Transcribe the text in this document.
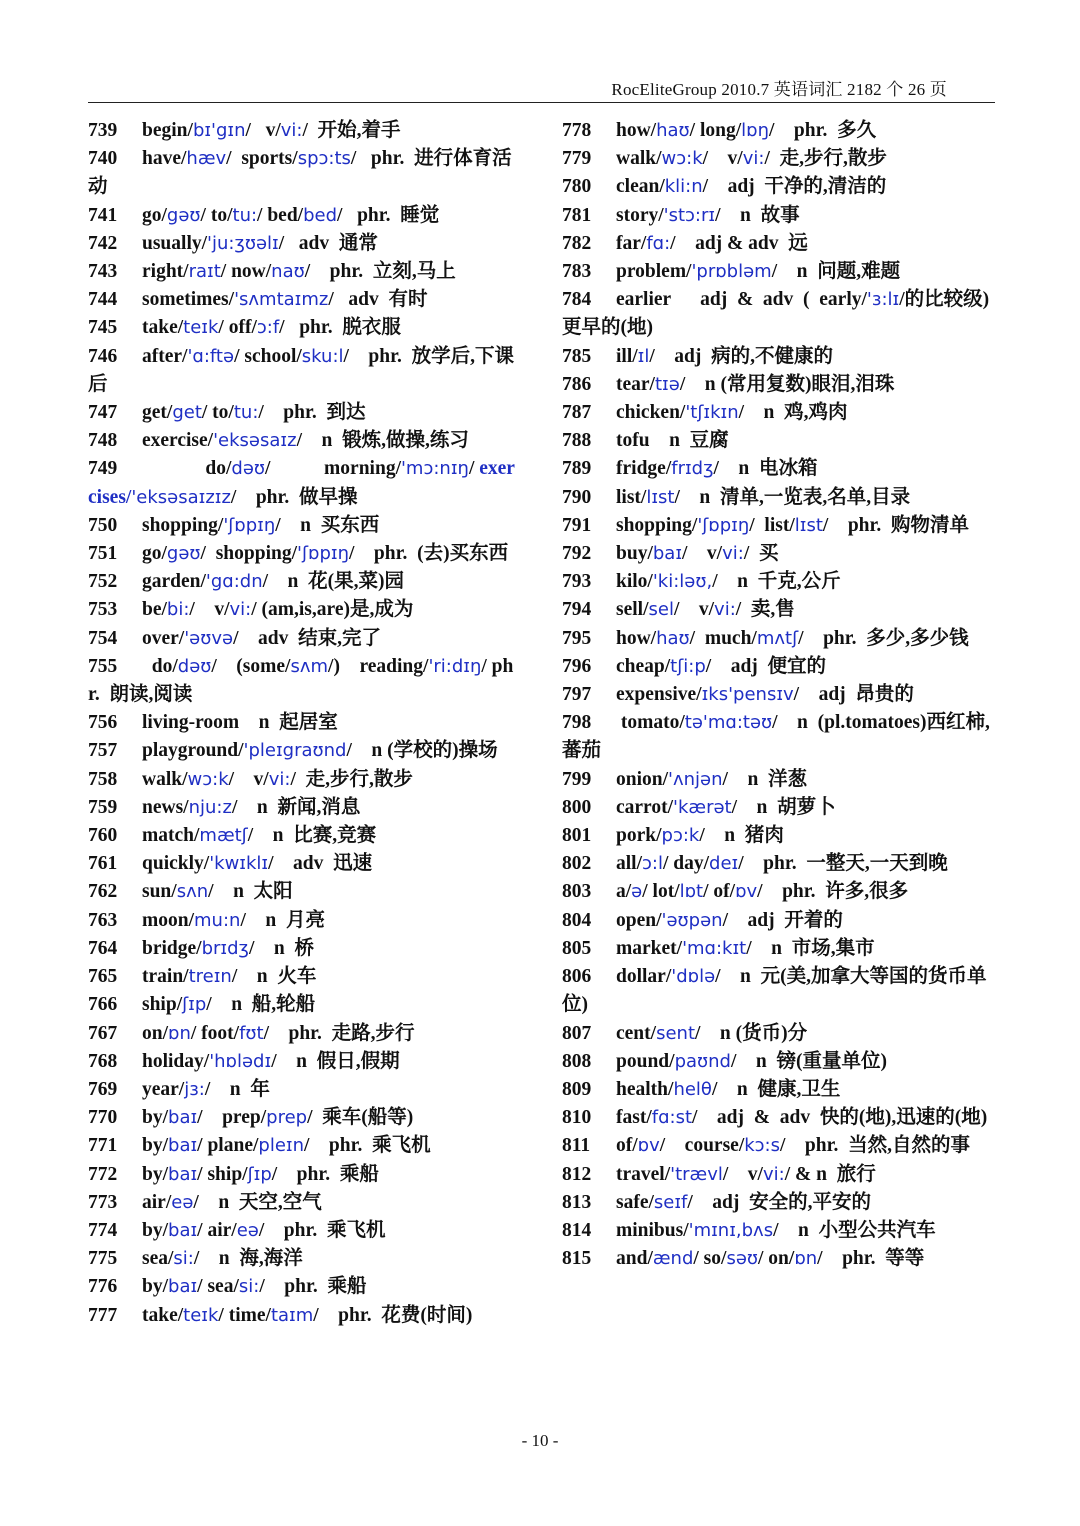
RocEliteGroup 2010.7 英语词汇 2182 个 26 页
739 begin/bɪ'gɪn/   v/vi:/  开始,着手
740 have/hæv/  sports/spɔ:ts/   phr.  进行体育活动
741 go/gəʊ/ to/tu:/ bed/bed/   phr.  睡觉
742 usually/'ju:ʒʊəlɪ/   adv  通常
743 right/raɪt/ now/naʊ/    phr.  立刻,马上
744 sometimes/'sʌmtaɪmz/   adv  有时
745 take/teɪk/ off/ɔ:f/   phr.  脱衣服
746 after/'ɑ:ftə/ school/sku:l/    phr.  放学后,下课后
747 get/get/ to/tu:/    phr.  到达
748 exercise/'eksəsaɪz/    n  锻炼,做操,练习
749             do/dəʊ/           morning/'mɔ:nɪŋ/ exercises/'eksəsaɪzɪz/    phr.  做早操
750 shopping/'ʃɒpɪŋ/    n  买东西
751 go/gəʊ/  shopping/'ʃɒpɪŋ/    phr.  (去)买东西
752 garden/'gɑ:dn/    n  花(果,菜)园
753 be/bi:/    v/vi:/ (am,is,are)是,成为
754 over/'əʊvə/    adv  结束,完了
755  do/dəʊ/    (some/sʌm/)    reading/'ri:dɪŋ/ phr.  朗读,阅读
756 living-room    n  起居室
757 playground/'pleɪgraʊnd/    n (学校的)操场
758 walk/wɔ:k/    v/vi:/  走,步行,散步
759 news/nju:z/    n  新闻,消息
760 match/mætʃ/    n  比赛,竞赛
761 quickly/'kwɪklɪ/    adv  迅速
762 sun/sʌn/    n  太阳
763 moon/mu:n/    n  月亮
764 bridge/brɪdʒ/    n  桥
765 train/treɪn/    n  火车
766 ship/ʃɪp/    n  船,轮船
767 on/ɒn/ foot/fʊt/    phr.  走路,步行
768 holiday/'hɒlədɪ/    n  假日,假期
769 year/jɜ:/    n  年
770 by/baɪ/    prep/prep/  乘车(船等)
771 by/baɪ/ plane/pleɪn/    phr.  乘飞机
772 by/baɪ/ ship/ʃɪp/    phr.  乘船
773 air/eə/    n  天空,空气
774 by/baɪ/ air/eə/    phr.  乘飞机
775 sea/si:/    n  海,海洋
776 by/baɪ/ sea/si:/    phr.  乘船
777 take/teɪk/ time/taɪm/    phr.  花费(时间)
778 how/haʊ/ long/lɒŋ/    phr.  多久
779 walk/wɔ:k/    v/vi:/  走,步行,散步
780 clean/kli:n/    adj  干净的,清洁的
781 story/'stɔ:rɪ/    n  故事
782 far/fɑ:/    adj & adv  远
783 problem/'prɒbləm/    n  问题,难题
784 earlier      adj  &  adv  (  early/'ɜ:lɪ/的比较级)更早的(地)
785 ill/ɪl/    adj  病的,不健康的
786 tear/tɪə/    n (常用复数)眼泪,泪珠
787 chicken/'tʃɪkɪn/    n  鸡,鸡肉
788 tofu    n  豆腐
789 fridge/frɪdʒ/    n  电冰箱
790 list/lɪst/    n  清单,一览表,名单,目录
791 shopping/'ʃɒpɪŋ/  list/lɪst/    phr.  购物清单
792 buy/baɪ/    v/vi:/  买
793 kilo/'ki:ləʊ,/    n  千克,公斤
794 sell/sel/    v/vi:/  卖,售
795 how/haʊ/  much/mʌtʃ/    phr.  多少,多少钱
796 cheap/tʃi:p/    adj  便宜的
797 expensive/ɪks'pensɪv/    adj  昂贵的
798 tomato/tə'mɑ:təʊ/    n  (pl.tomatoes)西红柿,蕃茄
799 onion/'ʌnjən/    n  洋葱
800 carrot/'kærət/    n  胡萝卜
801 pork/pɔ:k/    n  猪肉
802 all/ɔ:l/ day/deɪ/    phr.  一整天,一天到晚
803 a/ə/ lot/lɒt/ of/ɒv/    phr.  许多,很多
804 open/'əʊpən/    adj  开着的
805 market/'mɑ:kɪt/    n  市场,集市
806 dollar/'dɒlə/    n  元(美,加拿大等国的货币单位)
807 cent/sent/    n (货币)分
808 pound/paʊnd/    n  镑(重量单位)
809 health/helθ/    n  健康,卫生
810 fast/fɑ:st/    adj  &  adv  快的(地),迅速的(地)
811 of/ɒv/    course/kɔ:s/    phr.  当然,自然的事
812 travel/'trævl/    v/vi:/ & n  旅行
813 safe/seɪf/    adj  安全的,平安的
814 minibus/'mɪnɪ,bʌs/    n  小型公共汽车
815 and/ænd/ so/səʊ/ on/ɒn/    phr.  等等
- 10 -
